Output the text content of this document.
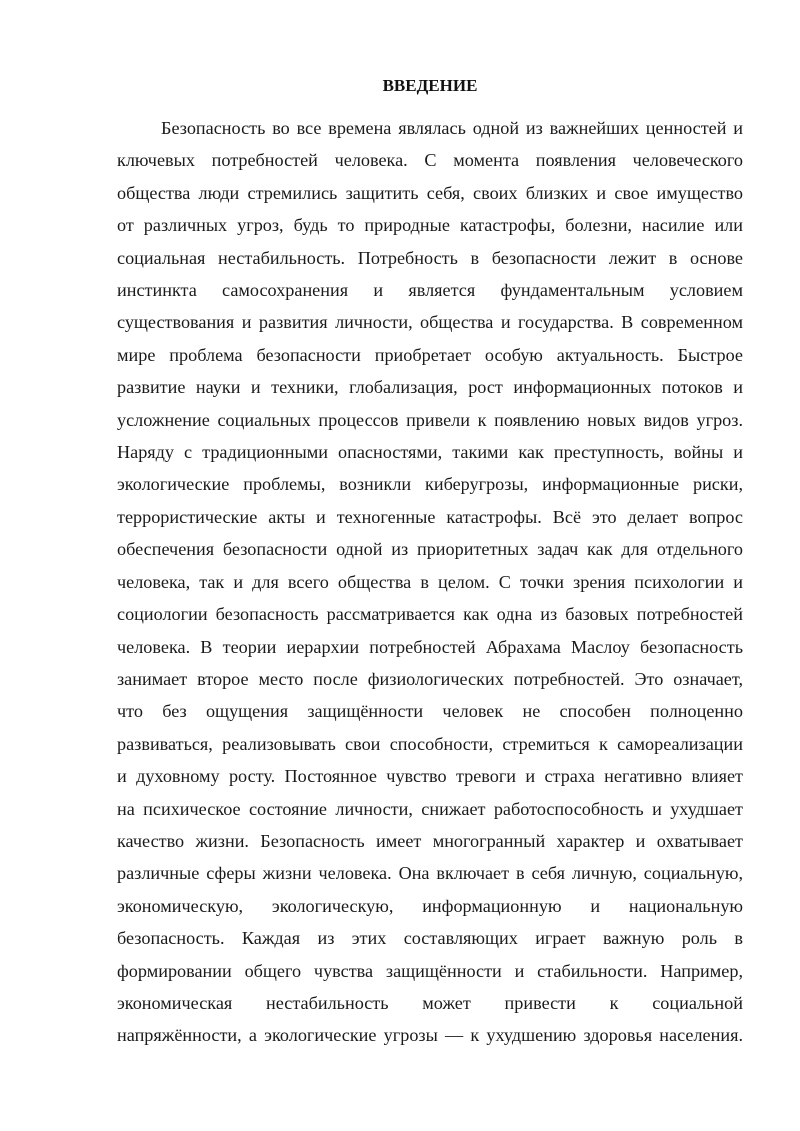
ВВЕДЕНИЕ
Безопасность во все времена являлась одной из важнейших ценностей и
ключевых потребностей человека. С момента появления человеческого
общества люди стремились защитить себя, своих близких и свое имущество
от различных угроз, будь то природные катастрофы, болезни, насилие или
социальная нестабильность. Потребность в безопасности лежит в основе
инстинкта самосохранения и является фундаментальным условием
существования и развития личности, общества и государства. В современном
мире проблема безопасности приобретает особую актуальность. Быстрое
развитие науки и техники, глобализация, рост информационных потоков и
усложнение социальных процессов привели к появлению новых видов угроз.
Наряду с традиционными опасностями, такими как преступность, войны и
экологические проблемы, возникли киберугрозы, информационные риски,
террористические акты и техногенные катастрофы. Всё это делает вопрос
обеспечения безопасности одной из приоритетных задач как для отдельного
человека, так и для всего общества в целом. С точки зрения психологии и
социологии безопасность рассматривается как одна из базовых потребностей
человека. В теории иерархии потребностей Абрахама Маслоу безопасность
занимает второе место после физиологических потребностей. Это означает,
что без ощущения защищённости человек не способен полноценно
развиваться, реализовывать свои способности, стремиться к самореализации
и духовному росту. Постоянное чувство тревоги и страха негативно влияет
на психическое состояние личности, снижает работоспособность и ухудшает
качество жизни. Безопасность имеет многогранный характер и охватывает
различные сферы жизни человека. Она включает в себя личную, социальную,
экономическую, экологическую, информационную и национальную
безопасность. Каждая из этих составляющих играет важную роль в
формировании общего чувства защищённости и стабильности. Например,
экономическая нестабильность может привести к социальной
напряжённости, а экологические угрозы — к ухудшению здоровья населения.
